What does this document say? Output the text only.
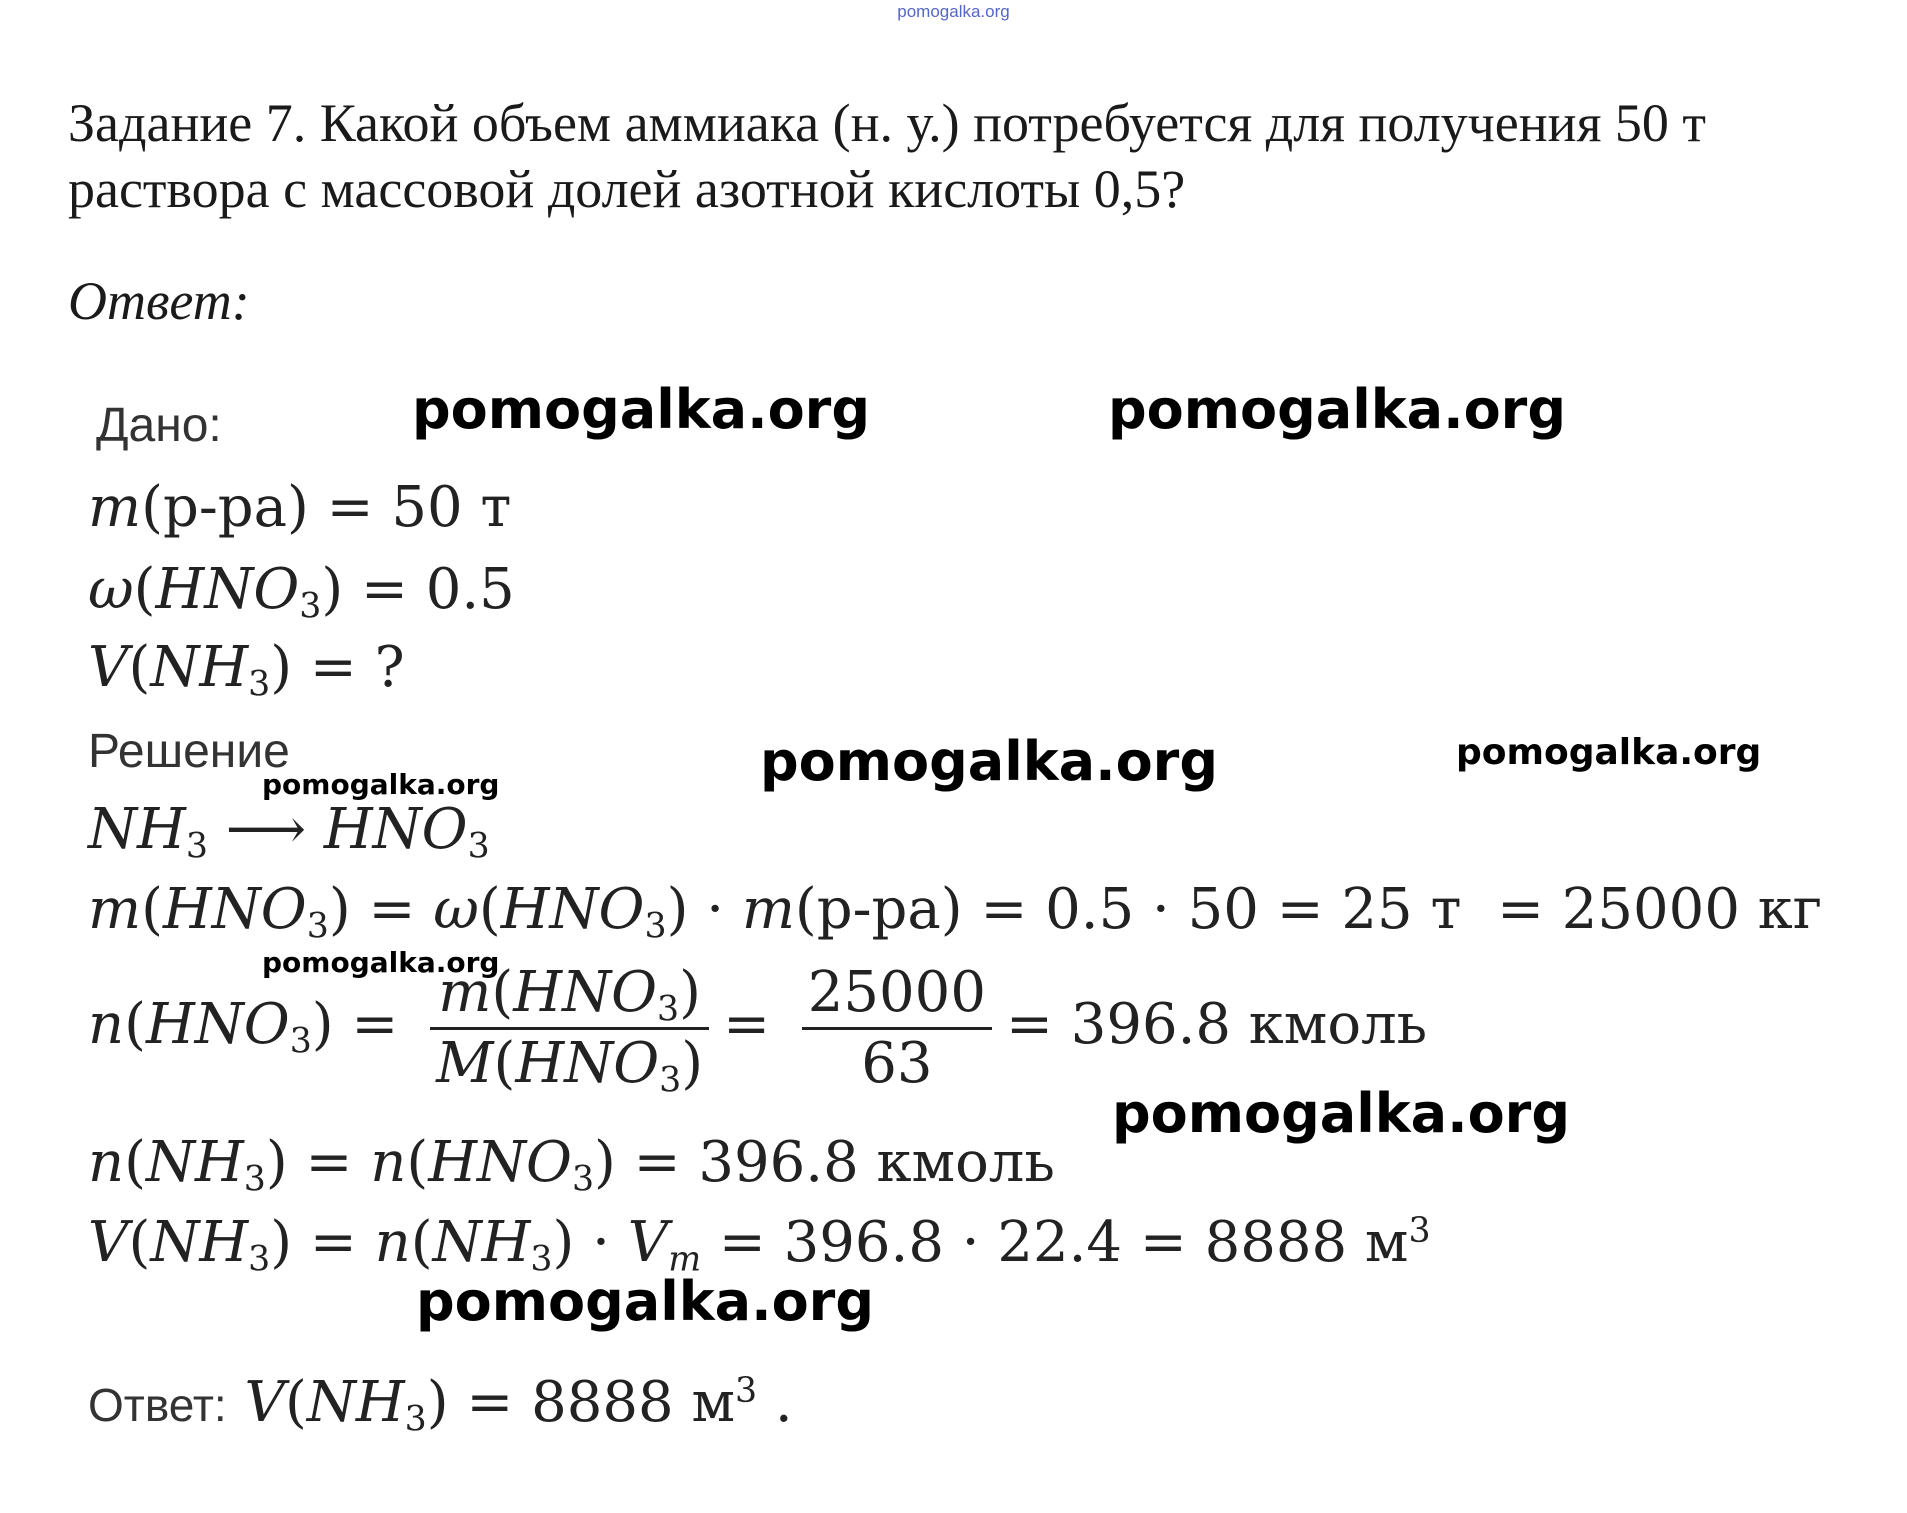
pomogalka.org
Задание 7. Какой объем аммиака (н. у.) потребуется для получения 50 т раствора с массовой долей азотной кислоты 0,5?
Ответ:
Дано:
m(р-ра) = 50 т
$\omega(HNO_3) = 0.5$
$V(NH_3)$ = ?
Решение
$NH_3$ ⟶ $HNO_3$
$m(HNO_3) = \omega(HNO_3) \cdot m(р-ра) = 0.5 \cdot 50 = 25$ т  = 25000 кг
$n(HNO_3) = \frac{m(HNO_3)}{M(HNO_3)} = \frac{25000}{63} = 396.8$ кмоль
$n(NH_3) = n(HNO_3) = 396.8$ кмоль
$V(NH_3) = n(NH_3) \cdot V_m = 396.8 \cdot 22.4 = 8888$ $м^3$
Ответ: $V(NH_3) = 8888$ $м^3$ .
pomogalka.org	pomogalka.org
pomogalka.org	pomogalka.org
pomogalka.org
pomogalka.org
pomogalka.org
pomogalka.org
